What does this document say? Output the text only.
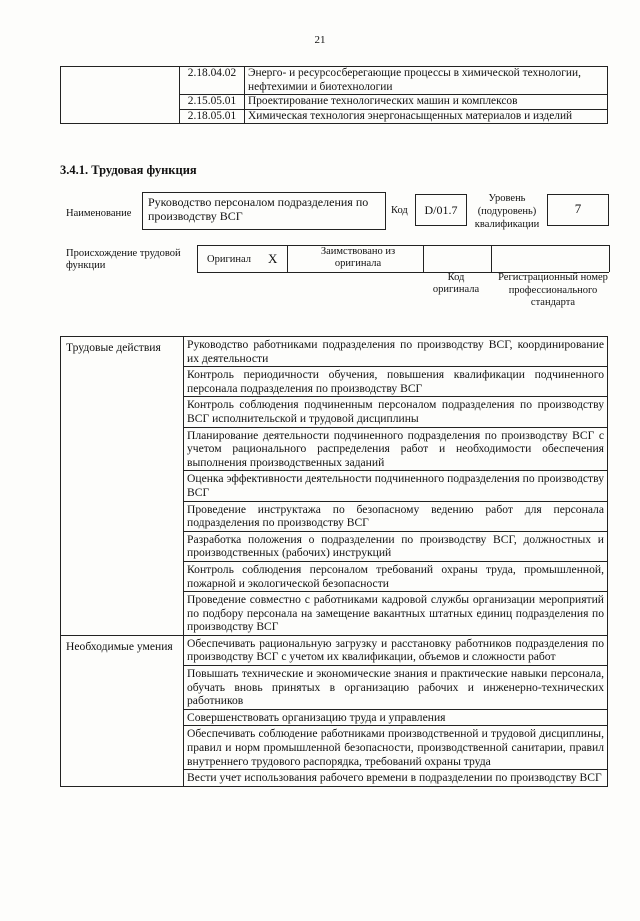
21
	2.18.04.02	Энерго- и ресурсосберегающие процессы в химической технологии, нефтехимии и биотехнологии
	2.15.05.01	Проектирование технологических машин и комплексов
	2.18.05.01	Химическая технология энергонасыщенных материалов и изделий
3.4.1. Трудовая функция
Наименование
Руководство персоналом подразделения по производству ВСГ	Код	D/01.7
Уровень (подуровень) квалификации
7
Происхождение трудовой функции
Оригинал X	Заимствовано из оригинала
Код оригинала
Регистрационный номер профессионального стандарта
Трудовые действия	Руководство работниками подразделения по производству ВСГ, координирование их деятельности
	Контроль периодичности обучения, повышения квалификации подчиненного персонала подразделения по производству ВСГ
	Контроль соблюдения подчиненным персоналом подразделения по производству ВСГ исполнительской и трудовой дисциплины
	Планирование деятельности подчиненного подразделения по производству ВСГ с учетом рационального распределения работ и необходимости обеспечения выполнения производственных заданий
	Оценка эффективности деятельности подчиненного подразделения по производству ВСГ
	Проведение инструктажа по безопасному ведению работ для персонала подразделения по производству ВСГ
	Разработка положения о подразделении по производству ВСГ, должностных и производственных (рабочих) инструкций
	Контроль соблюдения персоналом требований охраны труда, промышленной, пожарной и экологической безопасности
	Проведение совместно с работниками кадровой службы организации мероприятий по подбору персонала на замещение вакантных штатных единиц подразделения по производству ВСГ
Необходимые умения	Обеспечивать рациональную загрузку и расстановку работников подразделения по производству ВСГ с учетом их квалификации, объемов и сложности работ
	Повышать технические и экономические знания и практические навыки персонала, обучать вновь принятых в организацию рабочих и инженерно-технических работников
	Совершенствовать организацию труда и управления
	Обеспечивать соблюдение работниками производственной и трудовой дисциплины, правил и норм промышленной безопасности, производственной санитарии, правил внутреннего трудового распорядка, требований охраны труда
	Вести учет использования рабочего времени в подразделении по производству ВСГ
